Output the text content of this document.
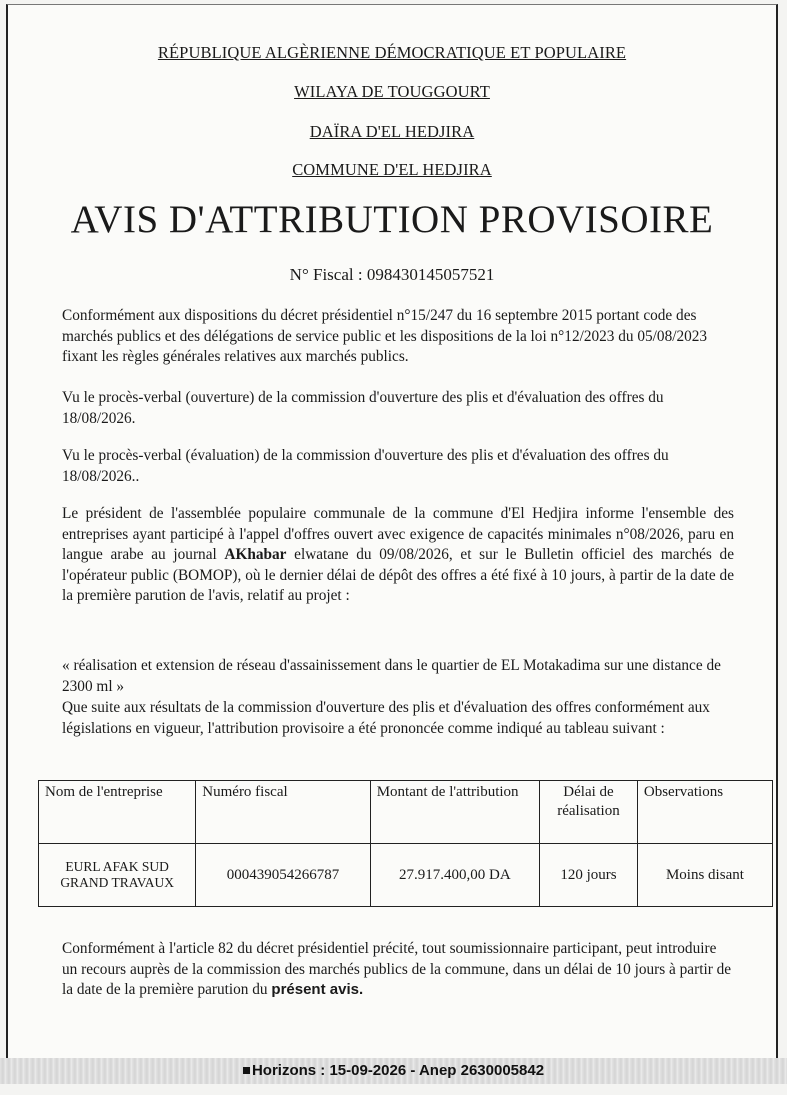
RÉPUBLIQUE ALGÈRIENNE DÉMOCRATIQUE ET POPULAIRE
WILAYA DE TOUGGOURT
DAÏRA D'EL HEDJIRA
COMMUNE D'EL HEDJIRA
AVIS D'ATTRIBUTION PROVISOIRE
N° Fiscal : 098430145057521
Conformément aux dispositions du décret présidentiel n°15/247 du 16 septembre 2015 portant code des marchés publics et des délégations de service public et les dispositions de la loi n°12/2023 du 05/08/2023 fixant les règles générales relatives aux marchés publics.
Vu le procès-verbal (ouverture) de la commission d'ouverture des plis et d'évaluation des offres du 18/08/2026.
Vu le procès-verbal (évaluation) de la commission d'ouverture des plis et d'évaluation des offres du 18/08/2026..
Le président de l'assemblée populaire communale de la commune d'El Hedjira informe l'ensemble des entreprises ayant participé à l'appel d'offres ouvert avec exigence de capacités minimales n°08/2026, paru en langue arabe au journal AKhabar elwatane du 09/08/2026, et sur le Bulletin officiel des marchés de l'opérateur public (BOMOP), où le dernier délai de dépôt des offres a été fixé à 10 jours, à partir de la date de la première parution de l'avis, relatif au projet :
« réalisation et extension de réseau d'assainissement dans le quartier de EL Motakadima sur une distance de 2300 ml »
Que suite aux résultats de la commission d'ouverture des plis et d'évaluation des offres conformément aux législations en vigueur, l'attribution provisoire a été prononcée comme indiqué au tableau suivant :
Nom de l'entreprise	Numéro fiscal	Montant de l'attribution	Délai de réalisation	Observations
EURL AFAK SUD GRAND TRAVAUX	000439054266787	27.917.400,00 DA	120 jours	Moins disant
Conformément à l'article 82 du décret présidentiel précité, tout soumissionnaire participant, peut introduire un recours auprès de la commission des marchés publics de la commune, dans un délai de 10 jours à partir de la date de la première parution du présent avis.
Horizons : 15-09-2026 - Anep 2630005842
